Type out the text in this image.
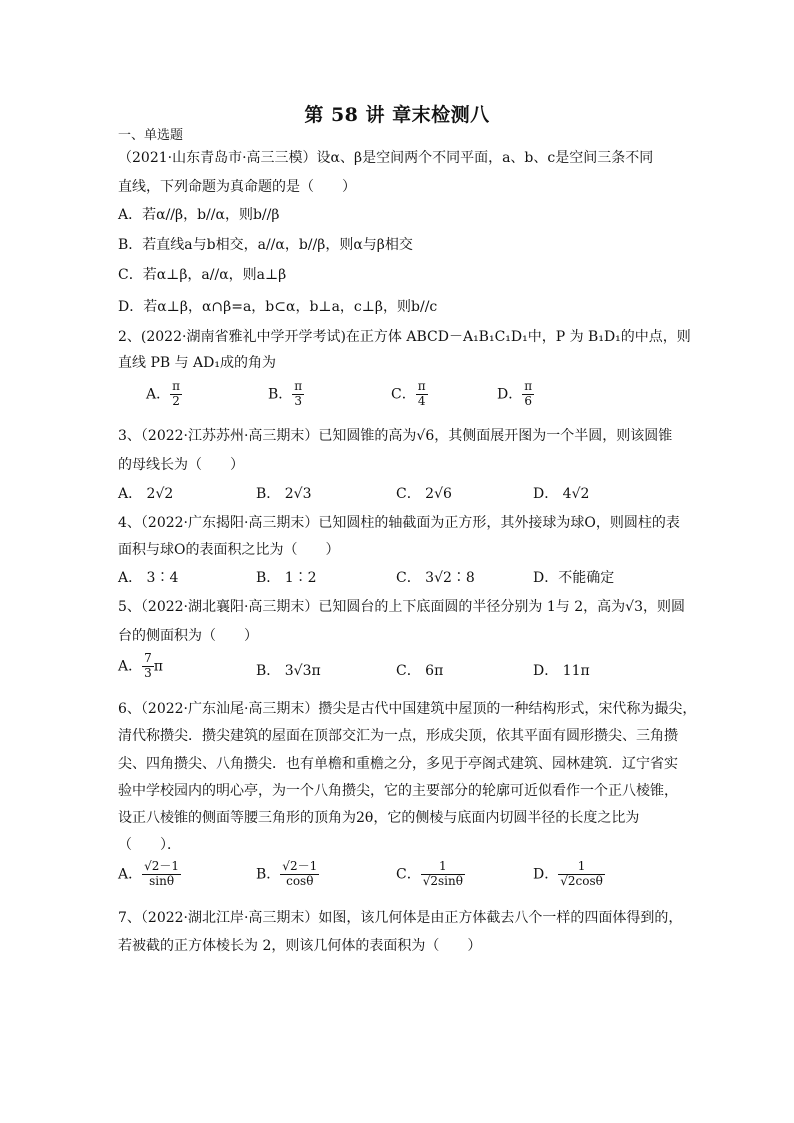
第 58 讲 章末检测八
一、单选题
（2021·山东青岛市·高三三模）设α、β是空间两个不同平面，a、b、c是空间三条不同
直线，下列命题为真命题的是（　　）
A．若α//β，b//α，则b//β
B．若直线a与b相交，a//α，b//β，则α与β相交
C．若α⊥β，a//α，则a⊥β
D．若α⊥β，α∩β=a，b⊂α，b⊥a，c⊥β，则b//c
2、(2022·湖南省雅礼中学开学考试)在正方体 ABCD－A₁B₁C₁D₁中，P 为 B₁D₁的中点，则
直线 PB 与 AD₁成的角为
A． $\frac{\pi}{2}$	B． $\frac{\pi}{3}$	C． $\frac{\pi}{4}$	D． $\frac{\pi}{6}$
3、（2022·江苏苏州·高三期末）已知圆锥的高为√6，其侧面展开图为一个半圆，则该圆锥
的母线长为（　　）
A． 2√2	B． 2√3	C． 2√6	D． 4√2
4、（2022·广东揭阳·高三期末）已知圆柱的轴截面为正方形，其外接球为球O，则圆柱的表
面积与球O的表面积之比为（　　）
A． 3∶4	B． 1∶2	C． 3√2∶8	D．不能确定
5、（2022·湖北襄阳·高三期末）已知圆台的上下底面圆的半径分别为 1与 2，高为√3，则圆
台的侧面积为（　　）
A． $\frac{7}{3}$ π	B． 3√3π	C． 6π	D． 11π
6、（2022·广东汕尾·高三期末）攒尖是古代中国建筑中屋顶的一种结构形式，宋代称为撮尖，
清代称攒尖．攒尖建筑的屋面在顶部交汇为一点，形成尖顶，依其平面有圆形攒尖、三角攒
尖、四角攒尖、八角攒尖．也有单檐和重檐之分，多见于亭阁式建筑、园林建筑．辽宁省实
验中学校园内的明心亭，为一个八角攒尖，它的主要部分的轮廓可近似看作一个正八棱锥，
设正八棱锥的侧面等腰三角形的顶角为2θ，它的侧棱与底面内切圆半径的长度之比为
（　　）．
A． $\frac{√2-1}{\sin\theta}$	B． $\frac{√2-1}{\cos\theta}$	C． $\frac{1}{√2\sin\theta}$	D． $\frac{1}{√2\cos\theta}$
7、（2022·湖北江岸·高三期末）如图，该几何体是由正方体截去八个一样的四面体得到的，
若被截的正方体棱长为 2，则该几何体的表面积为（　　）
